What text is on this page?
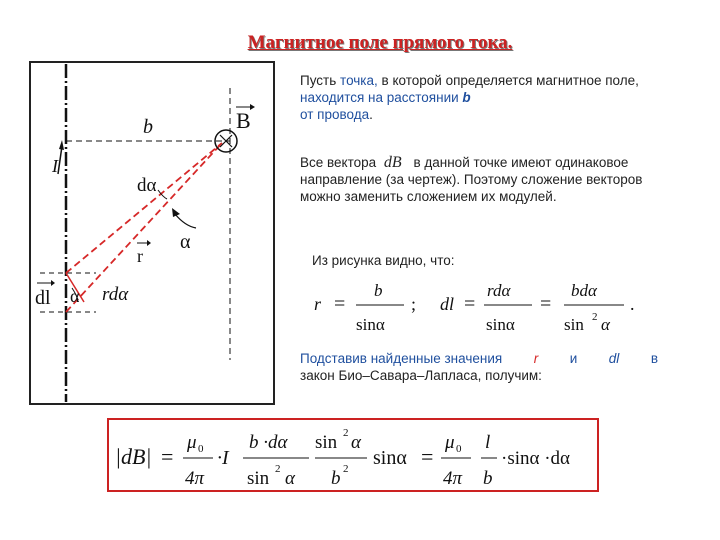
Магнитное поле прямого тока.
b	B
I
dα
α
r
dl α rdα
Пусть точка, в которой определяется магнитное поле, находится на расстоянии b
от провода.
Все вектора dB в данной точке имеют одинаковое направление (за чертеж). Поэтому сложение векторов можно заменить сложением их модулей.
Из рисунка видно, что:
r =
b
sinα
; dl =
rdα
sinα
=
bdα
sin 2 α
.
Подставив найденные значения r и dl в
закон Био–Савара–Лапласа, получим:
|dB| =
μ 0
4π
·I
b ·dα
sin 2 α
sin 2 α
b 2 sinα =
μ 0
4π
l
b
·sinα ·dα
